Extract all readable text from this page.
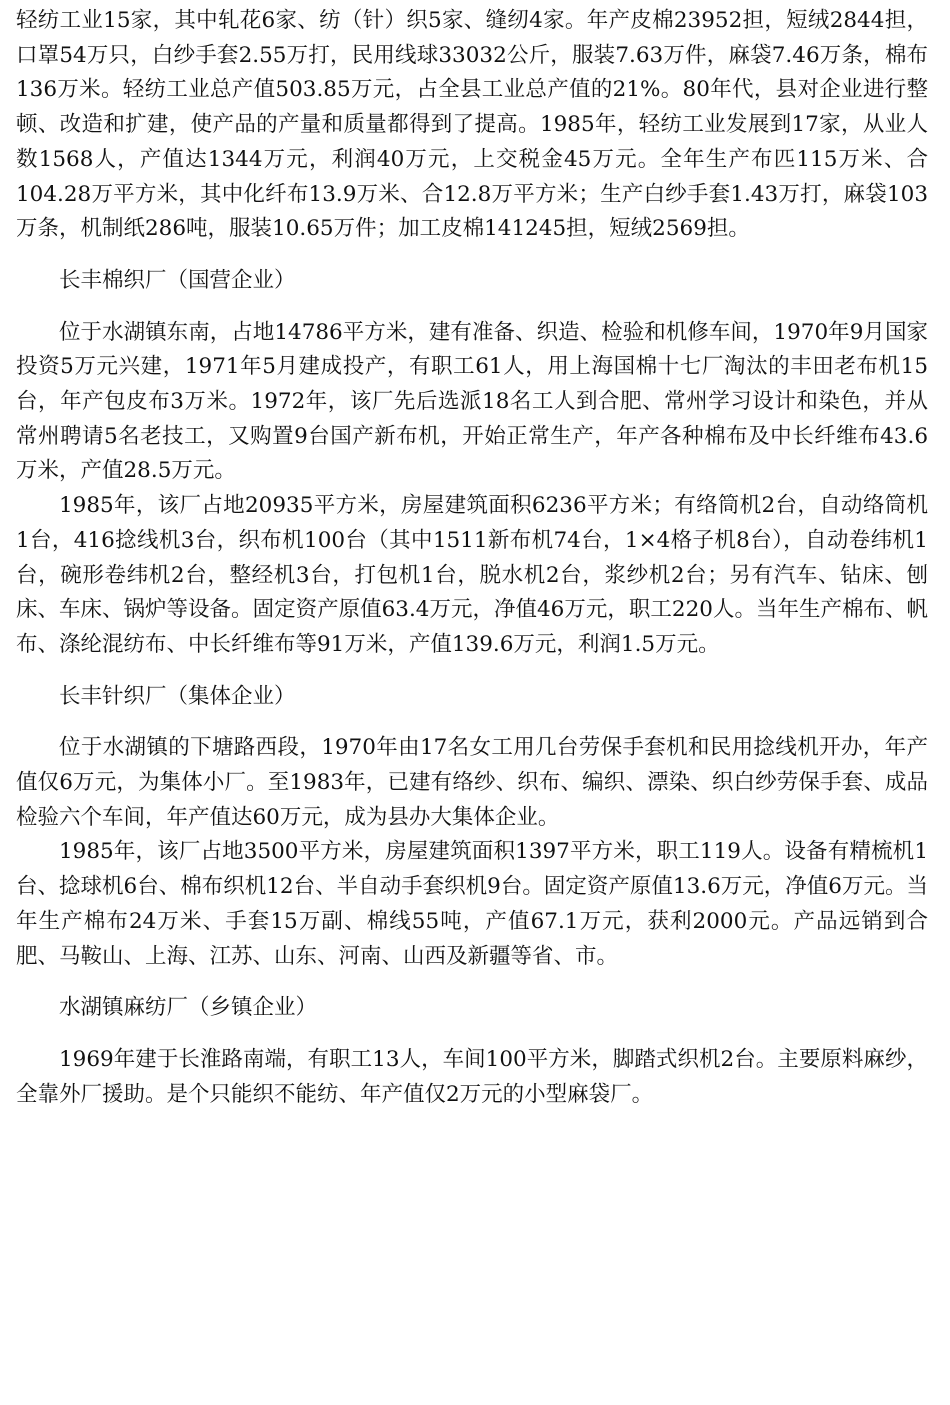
轻纺工业15家，其中轧花6家、纺（针）织5家、缝纫4家。年产皮棉23952担，短绒2844担，口罩54万只，白纱手套2.55万打，民用线球33032公斤，服装7.63万件，麻袋7.46万条，棉布136万米。轻纺工业总产值503.85万元，占全县工业总产值的21%。80年代，县对企业进行整顿、改造和扩建，使产品的产量和质量都得到了提高。1985年，轻纺工业发展到17家，从业人数1568人，产值达1344万元，利润40万元，上交税金45万元。全年生产布匹115万米、合104.28万平方米，其中化纤布13.9万米、合12.8万平方米；生产白纱手套1.43万打，麻袋103万条，机制纸286吨，服装10.65万件；加工皮棉141245担，短绒2569担。

长丰棉织厂（国营企业）

位于水湖镇东南，占地14786平方米，建有准备、织造、检验和机修车间，1970年9月国家投资5万元兴建，1971年5月建成投产，有职工61人，用上海国棉十七厂淘汰的丰田老布机15台，年产包皮布3万米。1972年，该厂先后选派18名工人到合肥、常州学习设计和染色，并从常州聘请5名老技工，又购置9台国产新布机，开始正常生产，年产各种棉布及中长纤维布43.6万米，产值28.5万元。

1985年，该厂占地20935平方米，房屋建筑面积6236平方米；有络筒机2台，自动络筒机1台，416捻线机3台，织布机100台（其中1511新布机74台，1×4格子机8台），自动卷纬机1台，碗形卷纬机2台，整经机3台，打包机1台，脱水机2台，浆纱机2台；另有汽车、钻床、刨床、车床、锅炉等设备。固定资产原值63.4万元，净值46万元，职工220人。当年生产棉布、帆布、涤纶混纺布、中长纤维布等91万米，产值139.6万元，利润1.5万元。

长丰针织厂（集体企业）

位于水湖镇的下塘路西段，1970年由17名女工用几台劳保手套机和民用捻线机开办，年产值仅6万元，为集体小厂。至1983年，已建有络纱、织布、编织、漂染、织白纱劳保手套、成品检验六个车间，年产值达60万元，成为县办大集体企业。

1985年，该厂占地3500平方米，房屋建筑面积1397平方米，职工119人。设备有精梳机1台、捻球机6台、棉布织机12台、半自动手套织机9台。固定资产原值13.6万元，净值6万元。当年生产棉布24万米、手套15万副、棉线55吨，产值67.1万元，获利2000元。产品远销到合肥、马鞍山、上海、江苏、山东、河南、山西及新疆等省、市。

水湖镇麻纺厂（乡镇企业）

1969年建于长淮路南端，有职工13人，车间100平方米，脚踏式织机2台。主要原料麻纱，全靠外厂援助。是个只能织不能纺、年产值仅2万元的小型麻袋厂。
